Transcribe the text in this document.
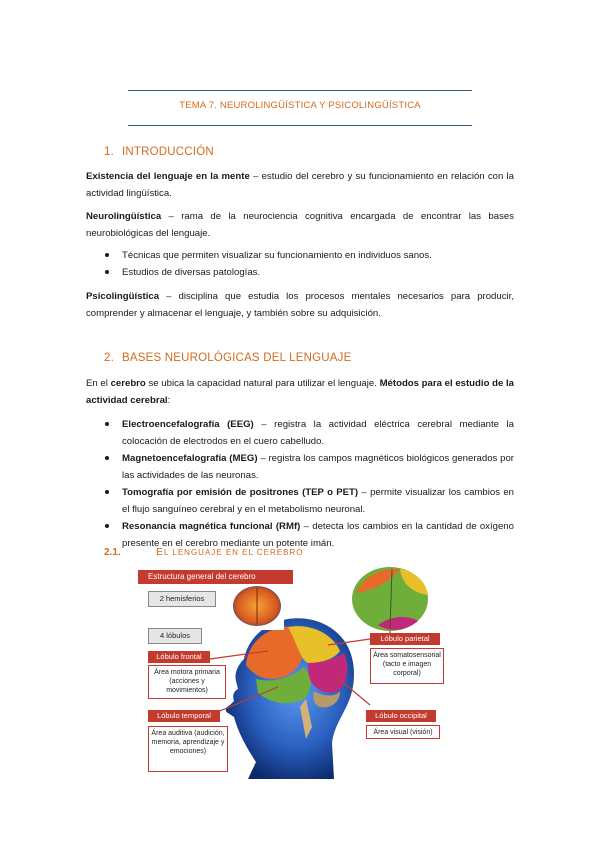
TEMA 7. NEUROLINGÜÍSTICA Y PSICOLINGÜÍSTICA
1. INTRODUCCIÓN
Existencia del lenguaje en la mente – estudio del cerebro y su funcionamiento en relación con la actividad lingüística.
Neurolingüística – rama de la neurociencia cognitiva encargada de encontrar las bases neurobiológicas del lenguaje.
Técnicas que permiten visualizar su funcionamiento en individuos sanos.
Estudios de diversas patologías.
Psicolingüística – disciplina que estudia los procesos mentales necesarios para producir, comprender y almacenar el lenguaje, y también sobre su adquisición.
2. BASES NEUROLÓGICAS DEL LENGUAJE
En el cerebro se ubica la capacidad natural para utilizar el lenguaje. Métodos para el estudio de la actividad cerebral:
Electroencefalografía (EEG) – registra la actividad eléctrica cerebral mediante la colocación de electrodos en el cuero cabelludo.
Magnetoencefalografía (MEG) – registra los campos magnéticos biológicos generados por las actividades de las neuronas.
Tomografía por emisión de positrones (TEP o PET) – permite visualizar los cambios en el flujo sanguíneo cerebral y en el metabolismo neuronal.
Resonancia magnética funcional (RMf) – detecta los cambios en la cantidad de oxígeno presente en el cerebro mediante un potente imán.
2.1.	EL LENGUAJE EN EL CEREBRO
Estructura general del cerebro
2 hemisferios
4 lóbulos
Lóbulo frontal
Área motora primaria (acciones y movimientos)
Lóbulo temporal
Área auditiva (audición, memoria, aprendizaje y emociones)
Lóbulo parietal
Área somatosensorial (tacto e imagen corporal)
Lóbulo occipital
Área visual (visión)
